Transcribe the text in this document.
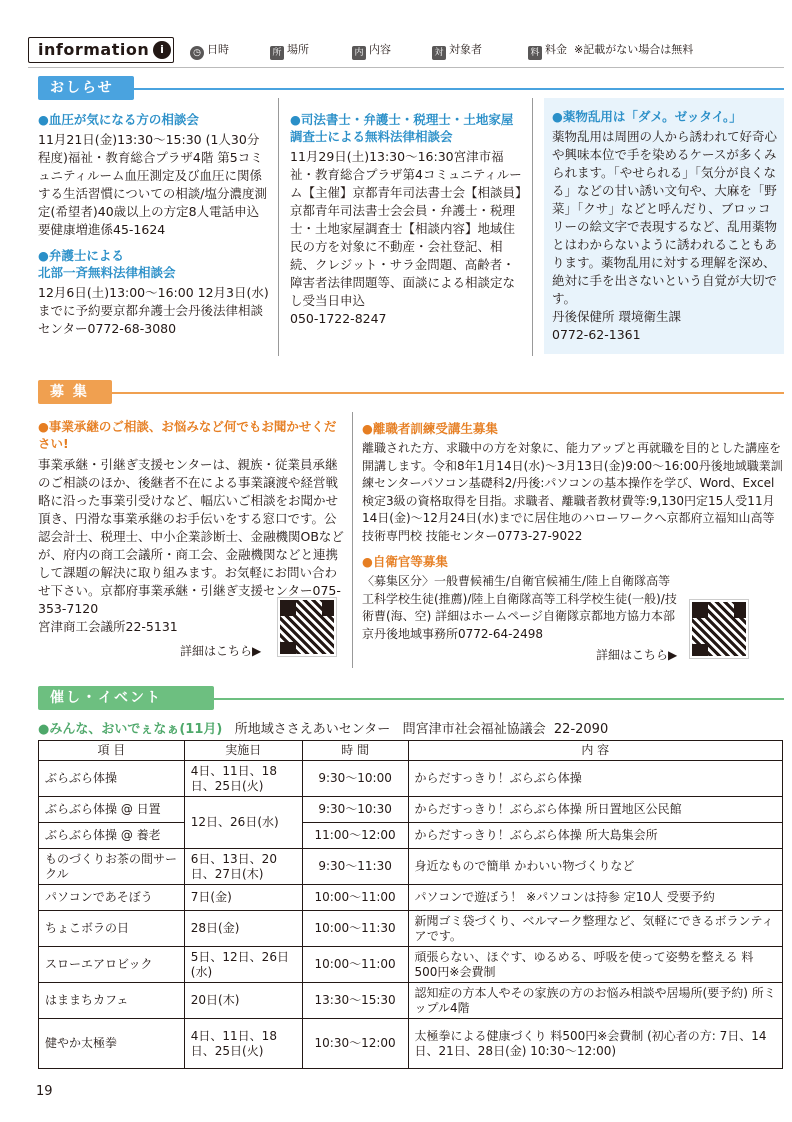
information i	◷ 日時	所 場所	内 内容	対 対象者	料 料金 ※記載がない場合は無料
おしらせ
●血圧が気になる方の相談会
11月21日(金)13:30～15:30 (1人30分程度)福祉・教育総合プラザ4階 第5コミュニティルーム血圧測定及び血圧に関係する生活習慣についての相談/塩分濃度測定(希望者)40歳以上の方定8人電話申込要健康増進係45-1624
●弁護士による
北部一斉無料法律相談会
12月6日(土)13:00～16:00 12月3日(水)までに予約要京都弁護士会丹後法律相談センター0772-68-3080
●司法書士・弁護士・税理士・土地家屋調査士による無料法律相談会
11月29日(土)13:30～16:30宮津市福祉・教育総合プラザ第4コミュニティルーム【主催】京都青年司法書士会【相談員】京都青年司法書士会会員・弁護士・税理士・土地家屋調査士【相談内容】地域住民の方を対象に不動産・会社登記、相続、クレジット・サラ金問題、高齢者・障害者法律問題等、面談による相談定なし受当日申込
050-1722-8247
●薬物乱用は「ダメ。ゼッタイ。」
薬物乱用は周囲の人から誘われて好奇心や興味本位で手を染めるケースが多くみられます。「やせられる」「気分が良くなる」などの甘い誘い文句や、大麻を「野菜」「クサ」などと呼んだり、ブロッコリーの絵文字で表現するなど、乱用薬物とはわからないように誘われることもあります。薬物乱用に対する理解を深め、絶対に手を出さないという自覚が大切です。
丹後保健所 環境衛生課
0772-62-1361
募 集
●事業承継のご相談、お悩みなど何でもお聞かせください!
事業承継・引継ぎ支援センターは、親族・従業員承継のご相談のほか、後継者不在による事業譲渡や経営戦略に沿った事業引受けなど、幅広いご相談をお聞かせ頂き、円滑な事業承継のお手伝いをする窓口です。公認会計士、税理士、中小企業診断士、金融機関OBなどが、府内の商工会議所・商工会、金融機関などと連携して課題の解決に取り組みます。お気軽にお問い合わせ下さい。京都府事業承継・引継ぎ支援センター075-353-7120
宮津商工会議所22-5131
詳細はこちら▶
●離職者訓練受講生募集
離職された方、求職中の方を対象に、能力アップと再就職を目的とした講座を開講します。令和8年1月14日(水)～3月13日(金)9:00～16:00丹後地域職業訓練センターパソコン基礎科2/丹後:パソコンの基本操作を学び、Word、Excel検定3級の資格取得を目指。求職者、離職者教材費等:9,130円定15人受11月14日(金)～12月24日(水)までに居住地のハローワークへ京都府立福知山高等技術専門校 技能センター0773-27-9022
●自衛官等募集
〈募集区分〉一般曹候補生/自衛官候補生/陸上自衛隊高等工科学校生徒(推薦)/陸上自衛隊高等工科学校生徒(一般)/技術曹(海、空) 詳細はホームページ自衛隊京都地方協力本部 京丹後地域事務所0772-64-2498
詳細はこちら▶
催し・イベント
●みんな、おいでぇなぁ(11月) 所地域ささえあいセンター 問宮津市社会福祉協議会 22-2090
項 目	実施日	時 間	内 容
ぶらぶら体操	4日、11日、18日、25日(火)	9:30～10:00	からだすっきり！ぶらぶら体操
ぶらぶら体操 @ 日置	12日、26日(水)	9:30～10:30	からだすっきり！ぶらぶら体操 所日置地区公民館
ぶらぶら体操 @ 養老		11:00～12:00	からだすっきり！ぶらぶら体操 所大島集会所
ものづくりお茶の間サークル	6日、13日、20日、27日(木)	9:30～11:30	身近なもので簡単 かわいい物づくりなど
パソコンであそぼう	7日(金)	10:00～11:00	パソコンで遊ぼう！ ※パソコンは持参 定10人 受要予約
ちょこボラの日	28日(金)	10:00～11:30	新聞ゴミ袋づくり、ベルマーク整理など、気軽にできるボランティアです。
スローエアロビック	5日、12日、26日(水)	10:00～11:00	頑張らない、ほぐす、ゆるめる、呼吸を使って姿勢を整える 料500円※会費制
はままちカフェ	20日(木)	13:30～15:30	認知症の方本人やその家族の方のお悩み相談や居場所(要予約) 所ミップル4階
健やか太極拳	4日、11日、18日、25日(火)	10:30～12:00	太極拳による健康づくり 料500円※会費制 (初心者の方: 7日、14日、21日、28日(金) 10:30～12:00)
19
